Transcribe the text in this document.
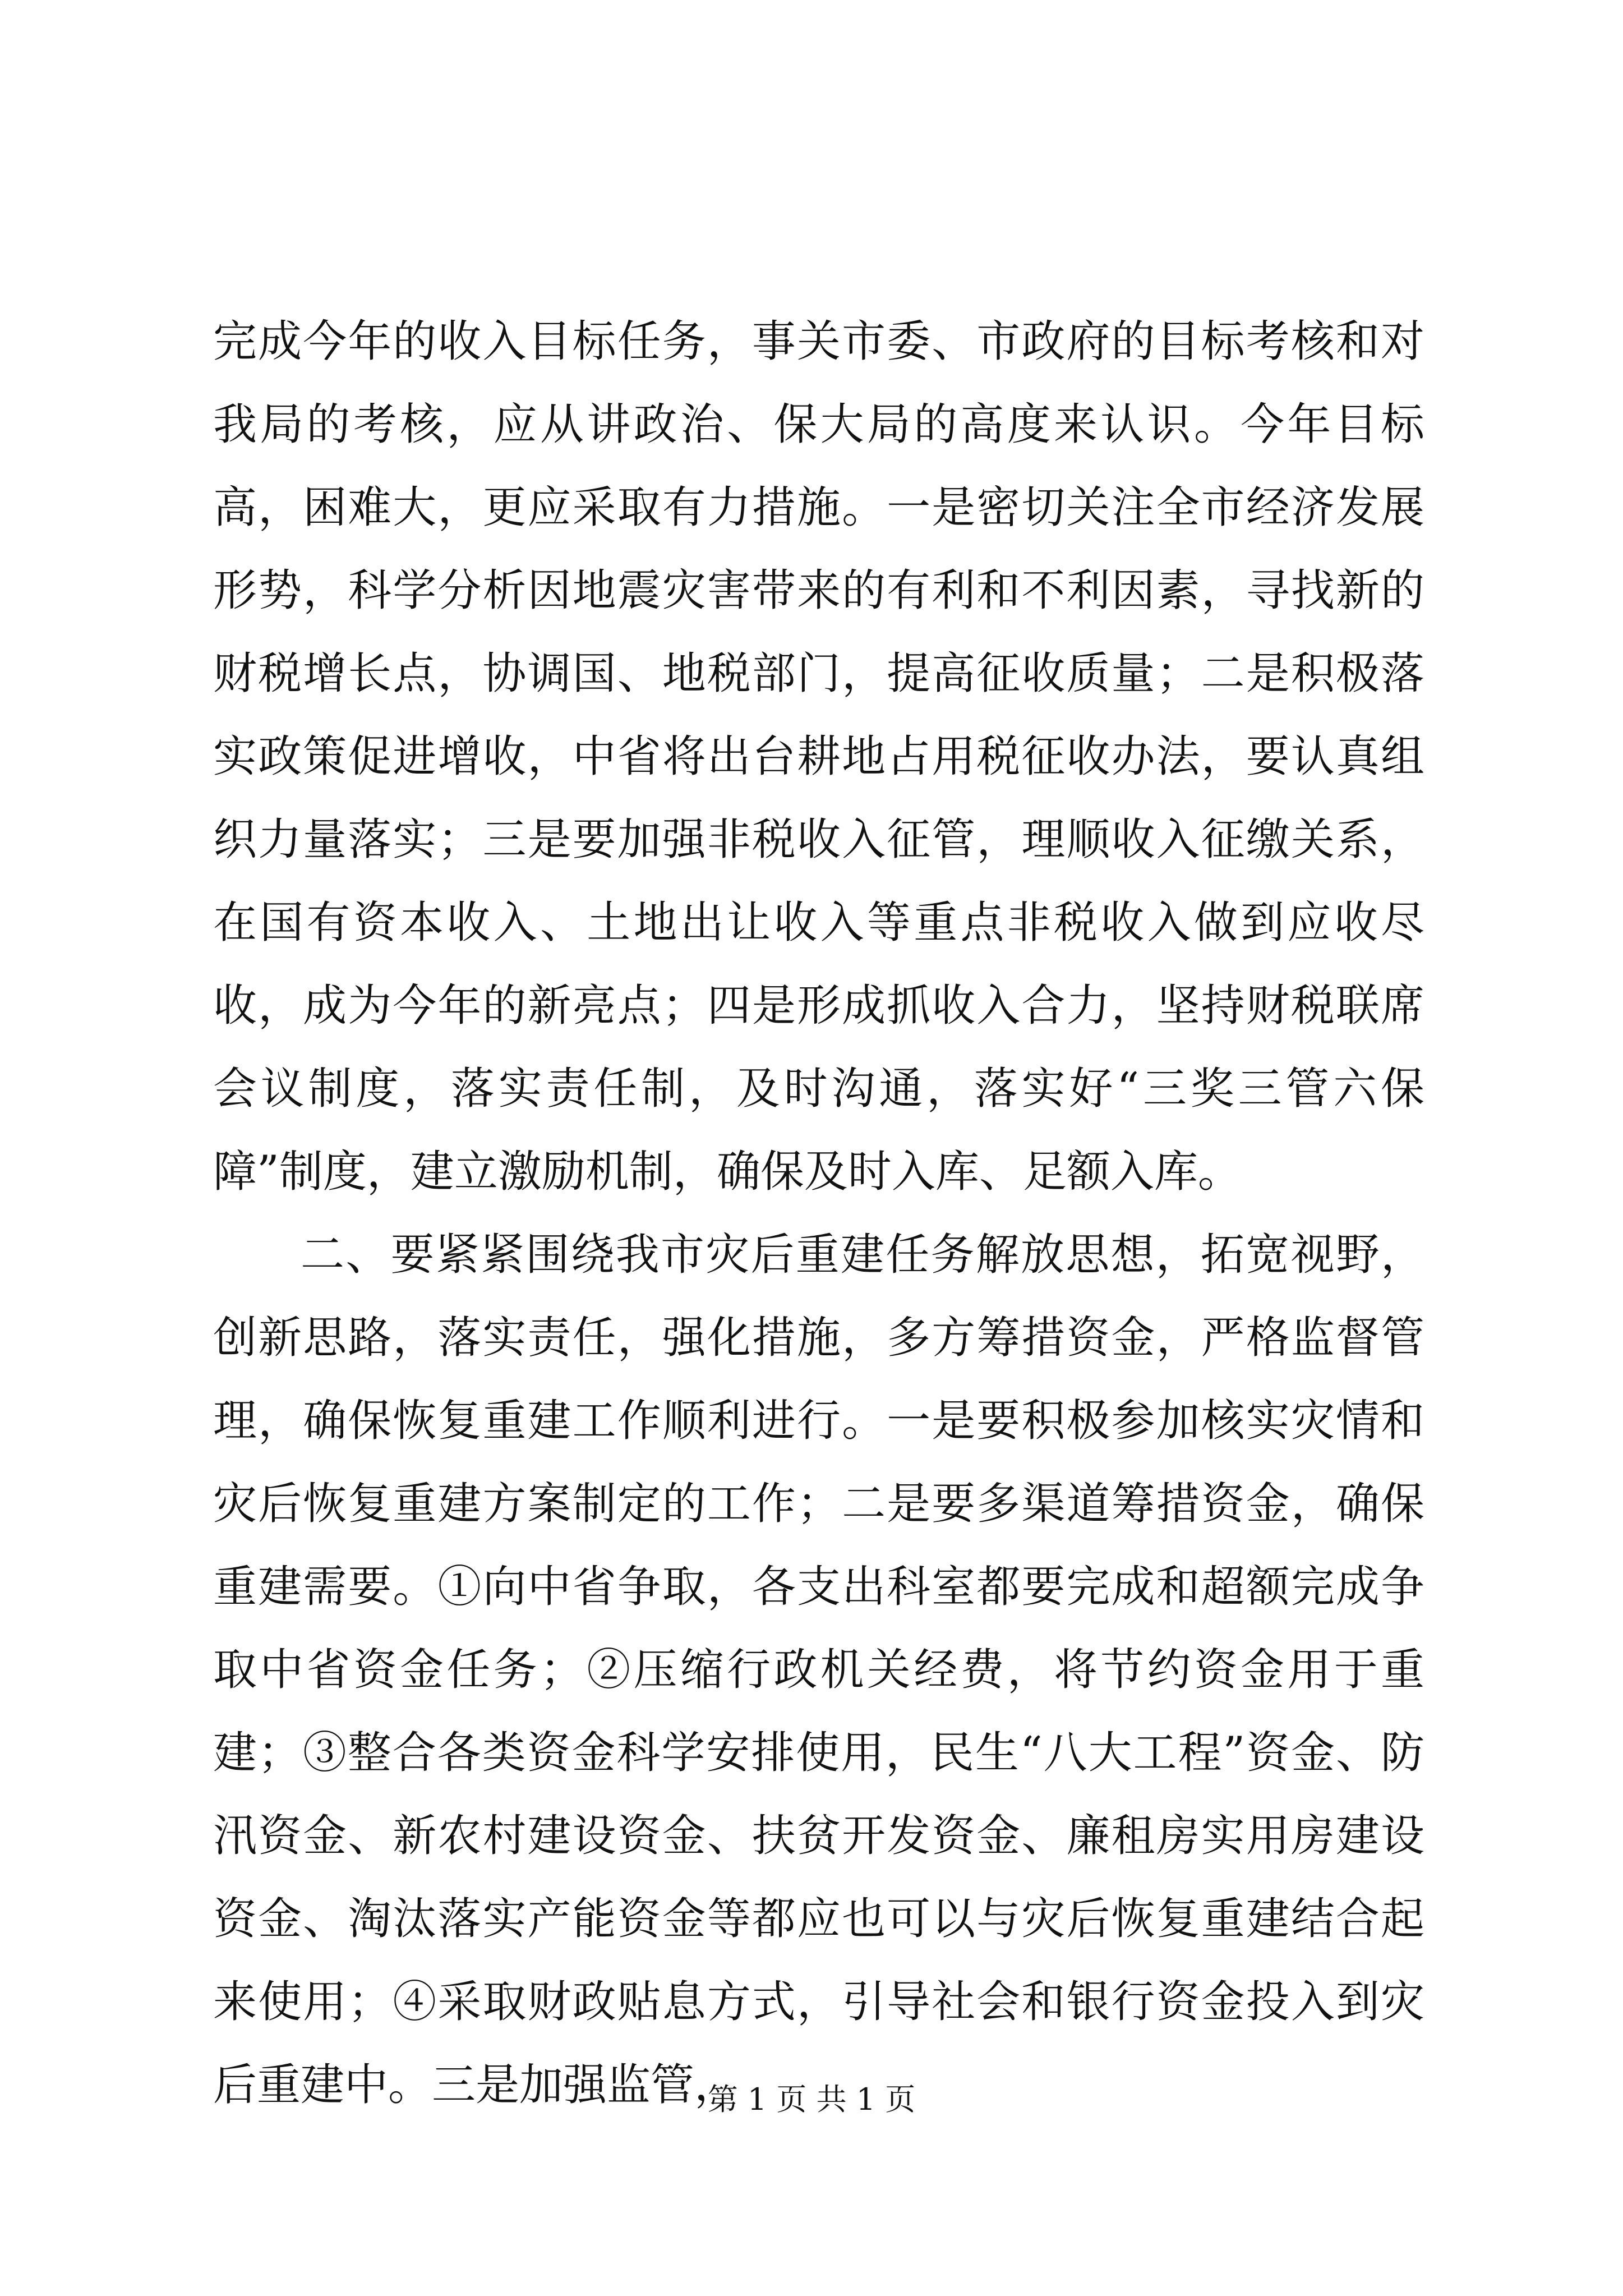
完成今年的收入目标任务，事关市委、市政府的目标考核和对我局的考核，应从讲政治、保大局的高度来认识。今年目标高，困难大，更应采取有力措施。一是密切关注全市经济发展形势，科学分析因地震灾害带来的有利和不利因素，寻找新的财税增长点，协调国、地税部门，提高征收质量；二是积极落实政策促进增收，中省将出台耕地占用税征收办法，要认真组织力量落实；三是要加强非税收入征管，理顺收入征缴关系，在国有资本收入、土地出让收入等重点非税收入做到应收尽收，成为今年的新亮点；四是形成抓收入合力，坚持财税联席会议制度，落实责任制，及时沟通，落实好“三奖三管六保障”制度，建立激励机制，确保及时入库、足额入库。

二、要紧紧围绕我市灾后重建任务解放思想，拓宽视野，创新思路，落实责任，强化措施，多方筹措资金，严格监督管理，确保恢复重建工作顺利进行。一是要积极参加核实灾情和灾后恢复重建方案制定的工作；二是要多渠道筹措资金，确保重建需要。①向中省争取，各支出科室都要完成和超额完成争取中省资金任务；②压缩行政机关经费，将节约资金用于重建；③整合各类资金科学安排使用，民生“八大工程”资金、防汛资金、新农村建设资金、扶贫开发资金、廉租房实用房建设资金、淘汰落实产能资金等都应也可以与灾后恢复重建结合起来使用；④采取财政贴息方式，引导社会和银行资金投入到灾后重建中。三是加强监管，

第 1 页 共 1 页
